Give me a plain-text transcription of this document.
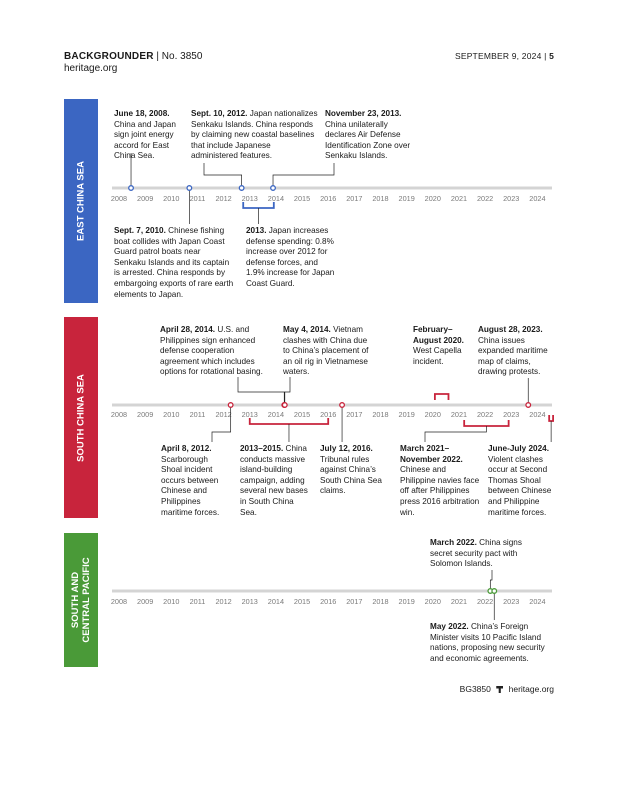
BACKGROUNDER | No. 3850
heritage.org
SEPTEMBER 9, 2024 | 5
EAST CHINA SEA
SOUTH CHINA SEA
SOUTH AND CENTRAL PACIFIC
2008 2009 2010 2011 2012 2013 2014 2015 2016 2017 2018 2019 2020 2021 2022 2023 2024
2008 2009 2010 2011 2012 2013 2014 2015 2016 2017 2018 2019 2020 2021 2022 2023 2024
2008 2009 2010 2011 2012 2013 2014 2015 2016 2017 2018 2019 2020 2021 2022 2023 2024
June 18, 2008. China and Japan sign joint energy accord for East China Sea.
Sept. 10, 2012. Japan nationalizes Senkaku Islands. China responds by claiming new coastal baselines that include Japanese administered features.
November 23, 2013. China unilaterally declares Air Defense Identification Zone over Senkaku Islands.
Sept. 7, 2010. Chinese fishing boat collides with Japan Coast Guard patrol boats near Senkaku Islands and its captain is arrested. China responds by embargoing exports of rare earth elements to Japan.
2013. Japan increases defense spending: 0.8% increase over 2012 for defense forces, and 1.9% increase for Japan Coast Guard.
April 28, 2014. U.S. and Philippines sign enhanced defense cooperation agreement which includes options for rotational basing.
May 4, 2014. Vietnam clashes with China due to China’s placement of an oil rig in Vietnamese waters.
February–August 2020. West Capella incident.
August 28, 2023. China issues expanded maritime map of claims, drawing protests.
April 8, 2012. Scarborough Shoal incident occurs between Chinese and Philippines maritime forces.
2013–2015. China conducts massive island-building campaign, adding several new bases in South China Sea.
July 12, 2016. Tribunal rules against China’s South China Sea claims.
March 2021–November 2022. Chinese and Philippine navies face off after Philippines press 2016 arbitration win.
June-July 2024. Violent clashes occur at Second Thomas Shoal between Chinese and Philippine maritime forces.
March 2022. China signs secret security pact with Solomon Islands.
May 2022. China’s Foreign Minister visits 10 Pacific Island nations, proposing new security and economic agreements.
BG3850 heritage.org
